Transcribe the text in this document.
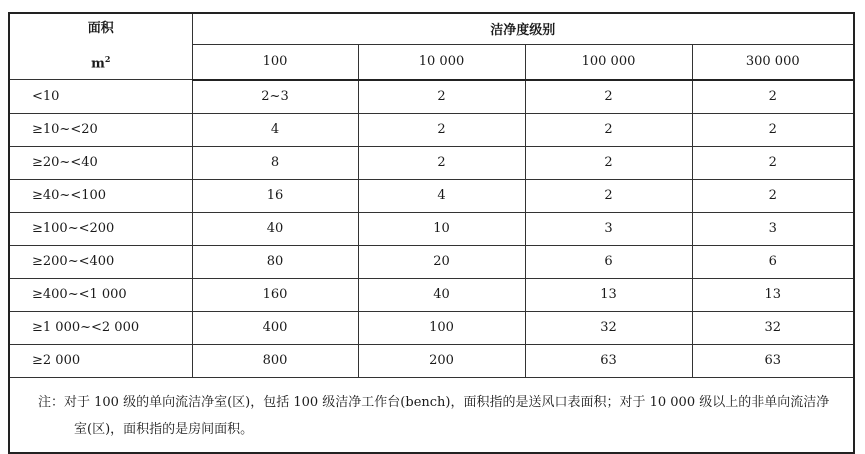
面积
$m^2$	洁净度级别			
	100	10 000	100 000	300 000
<10	2~3	2	2	2
≥10~<20	4	2	2	2
≥20~<40	8	2	2	2
≥40~<100	16	4	2	2
≥100~<200	40	10	3	3
≥200~<400	80	20	6	6
≥400~<1 000	160	40	13	13
≥1 000~<2 000	400	100	32	32
≥2 000	800	200	63	63
注：对于 100 级的单向流洁净室(区)，包括 100 级洁净工作台(bench)，面积指的是送风口表面积；对于 10 000 级以上的非单向流洁净室(区)，面积指的是房间面积。				
